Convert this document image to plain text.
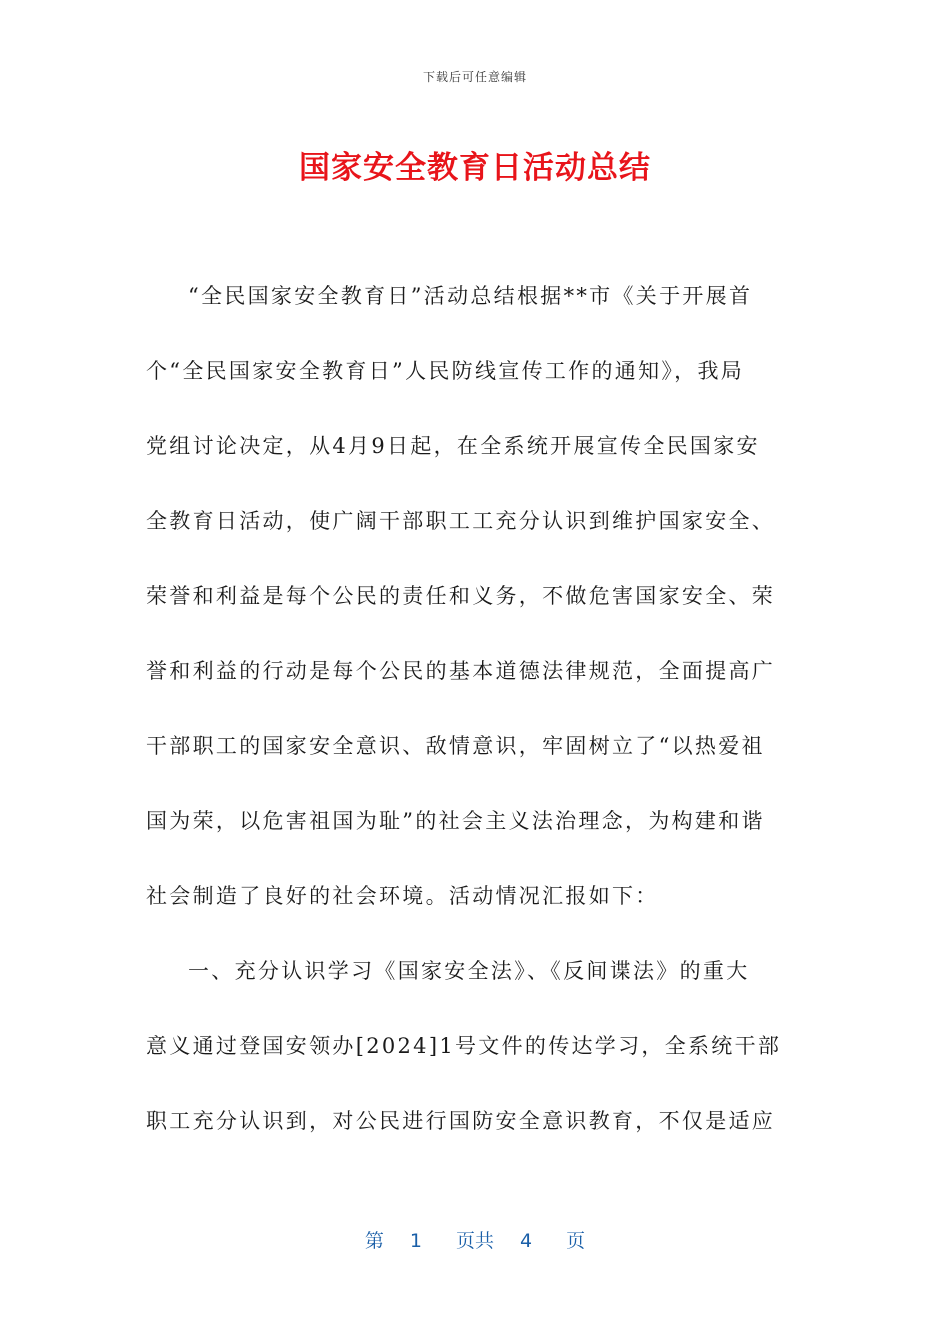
下载后可任意编辑
国家安全教育日活动总结

“全民国家安全教育日”活动总结根据**市《关于开展首
个“全民国家安全教育日”人民防线宣传工作的通知》，我局
党组讨论决定，从4月9日起，在全系统开展宣传全民国家安
全教育日活动，使广阔干部职工工充分认识到维护国家安全、
荣誉和利益是每个公民的责任和义务，不做危害国家安全、荣
誉和利益的行动是每个公民的基本道德法律规范，全面提高广
干部职工的国家安全意识、敌情意识，牢固树立了“以热爱祖
国为荣，以危害祖国为耻”的社会主义法治理念，为构建和谐
社会制造了良好的社会环境。活动情况汇报如下：

一、充分认识学习《国家安全法》、《反间谍法》的重大
意义通过登国安领办[2024]1号文件的传达学习，全系统干部
职工充分认识到，对公民进行国防安全意识教育，不仅是适应

第 1 页共 4 页
